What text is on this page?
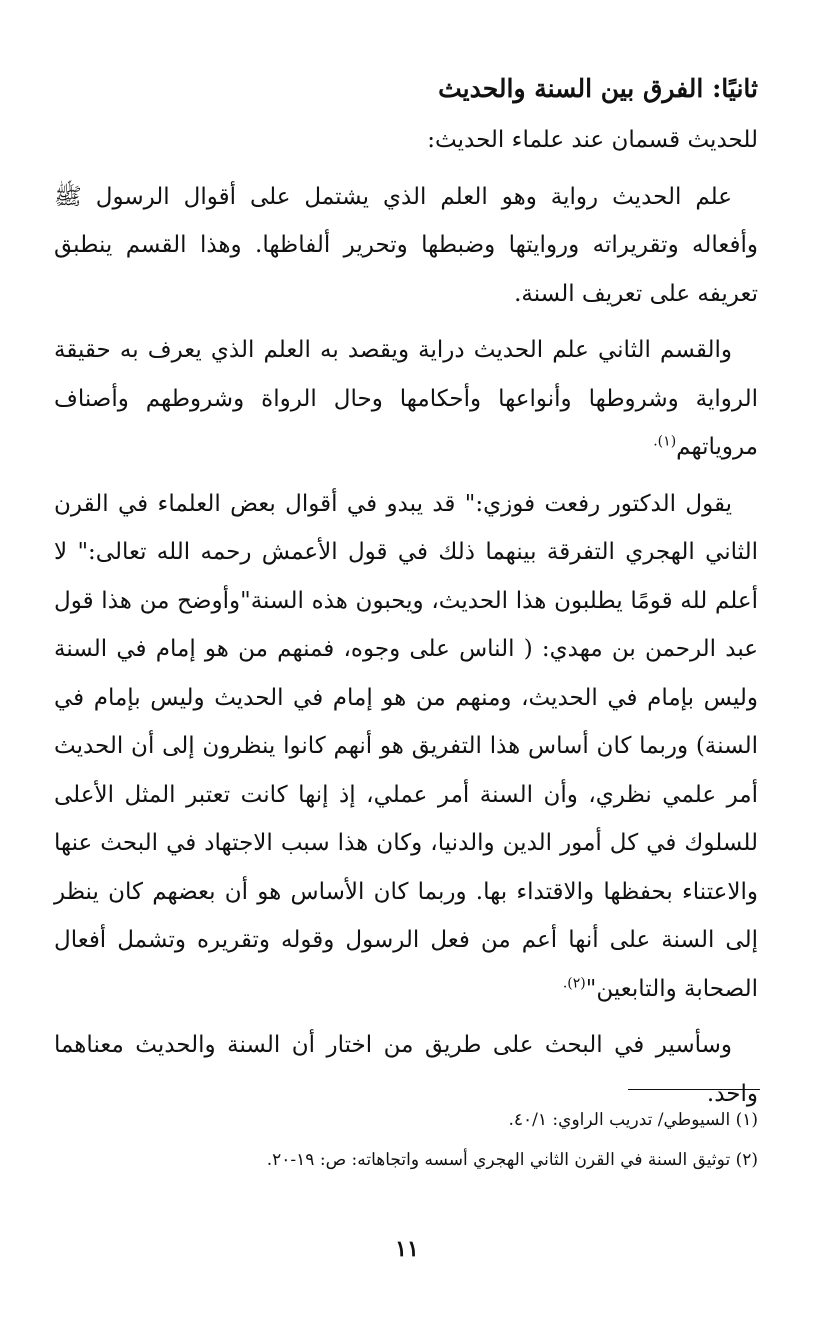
ثانيًا: الفرق بين السنة والحديث

للحديث قسمان عند علماء الحديث:

علم الحديث رواية وهو العلم الذي يشتمل على أقوال الرسول ﷺ وأفعاله وتقريراته وروايتها وضبطها وتحرير ألفاظها. وهذا القسم ينطبق تعريفه على تعريف السنة.

والقسم الثاني علم الحديث دراية ويقصد به العلم الذي يعرف به حقيقة الرواية وشروطها وأنواعها وأحكامها وحال الرواة وشروطهم وأصناف مروياتهم$^{(١).}$

يقول الدكتور رفعت فوزي:" قد يبدو في أقوال بعض العلماء في القرن الثاني الهجري التفرقة بينهما ذلك في قول الأعمش رحمه الله تعالى:" لا أعلم لله قومًا يطلبون هذا الحديث، ويحبون هذه السنة"وأوضح من هذا قول عبد الرحمن بن مهدي: ( الناس على وجوه، فمنهم من هو إمام في السنة وليس بإمام في الحديث، ومنهم من هو إمام في الحديث وليس بإمام في السنة) وربما كان أساس هذا التفريق هو أنهم كانوا ينظرون إلى أن الحديث أمر علمي نظري، وأن السنة أمر عملي، إذ إنها كانت تعتبر المثل الأعلى للسلوك في كل أمور الدين والدنيا، وكان هذا سبب الاجتهاد في البحث عنها والاعتناء بحفظها والاقتداء بها. وربما كان الأساس هو أن بعضهم كان ينظر إلى السنة على أنها أعم من فعل الرسول وقوله وتقريره وتشمل أفعال الصحابة والتابعين"$^{(٢).}$

وسأسير في البحث على طريق من اختار أن السنة والحديث معناهما واحد.

(١) السيوطي/ تدريب الراوي: ٤٠/١.

(٢) توثيق السنة في القرن الثاني الهجري أسسه واتجاهاته: ص: ١٩-٢٠.

١١
